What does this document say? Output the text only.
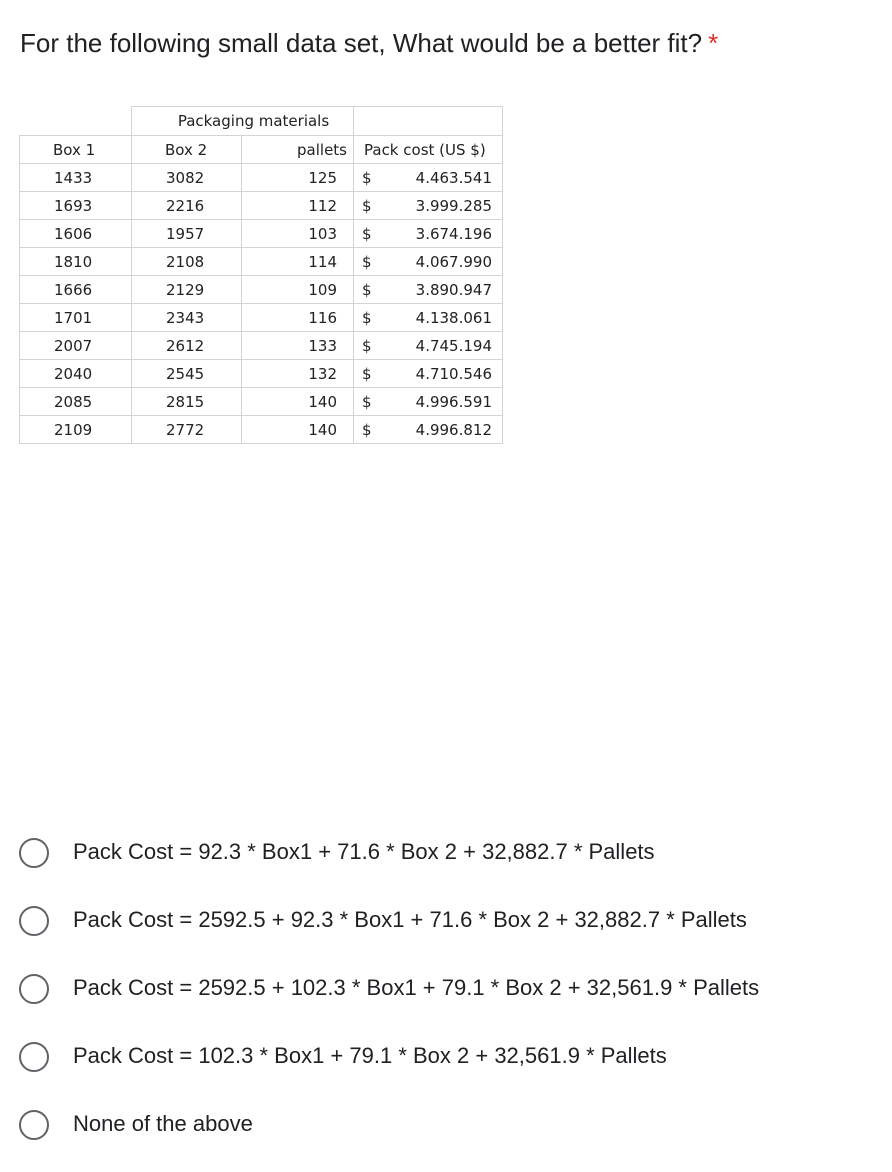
For the following small data set, What would be a better fit? *
	Packaging materials			
Box 1	Box 2	pallets	Pack cost (US $)	
1433	3082	125	$	4.463.541
1693	2216	112	$	3.999.285
1606	1957	103	$	3.674.196
1810	2108	114	$	4.067.990
1666	2129	109	$	3.890.947
1701	2343	116	$	4.138.061
2007	2612	133	$	4.745.194
2040	2545	132	$	4.710.546
2085	2815	140	$	4.996.591
2109	2772	140	$	4.996.812
Pack Cost = 92.3 * Box1 + 71.6 * Box 2 + 32,882.7 * Pallets
Pack Cost = 2592.5 + 92.3 * Box1 + 71.6 * Box 2 + 32,882.7 * Pallets
Pack Cost = 2592.5 + 102.3 * Box1 + 79.1 * Box 2 + 32,561.9 * Pallets
Pack Cost = 102.3 * Box1 + 79.1 * Box 2 + 32,561.9 * Pallets
None of the above
